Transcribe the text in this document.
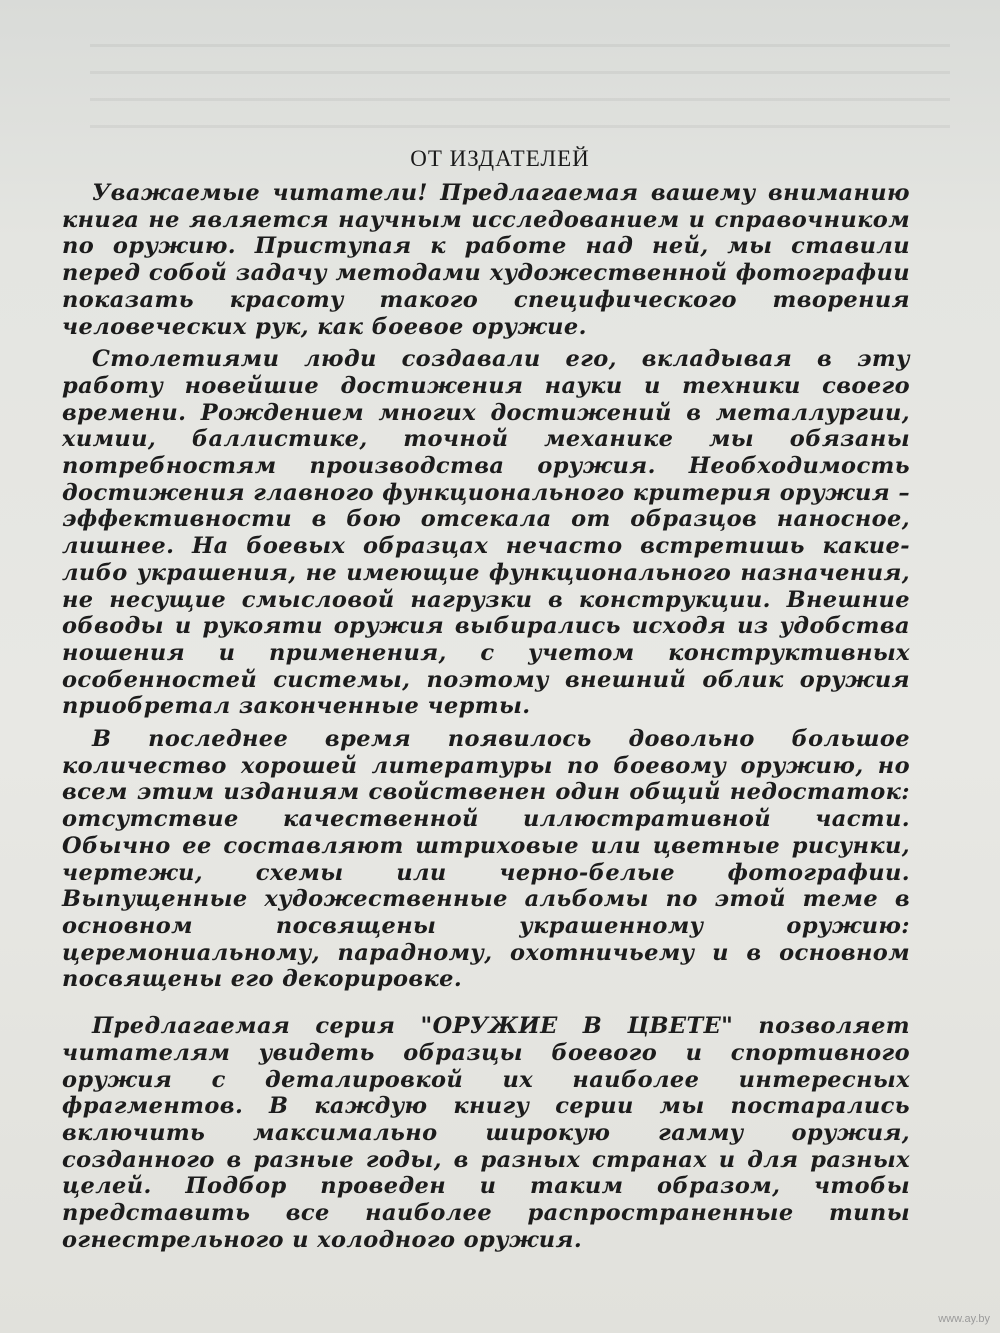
ОТ ИЗДАТЕЛЕЙ

Уважаемые читатели! Предлагаемая вашему вниманию книга не является научным исследованием и справочником по оружию. Приступая к работе над ней, мы ставили перед собой задачу методами художественной фотографии показать красоту такого специфического творения человеческих рук, как боевое оружие.

Столетиями люди создавали его, вкладывая в эту работу новейшие достижения науки и техники своего времени. Рождением многих достижений в металлургии, химии, баллистике, точной механике мы обязаны потребностям производства оружия. Необходимость достижения главного функционального критерия оружия – эффективности в бою отсекала от образцов наносное, лишнее. На боевых образцах нечасто встретишь какие-либо украшения, не имеющие функционального назначения, не несущие смысловой нагрузки в конструкции. Внешние обводы и рукояти оружия выбирались исходя из удобства ношения и применения, с учетом конструктивных особенностей системы, поэтому внешний облик оружия приобретал законченные черты.

В последнее время появилось довольно большое количество хорошей литературы по боевому оружию, но всем этим изданиям свойственен один общий недостаток: отсутствие качественной иллюстративной части. Обычно ее составляют штриховые или цветные рисунки, чертежи, схемы или черно-белые фотографии. Выпущенные художественные альбомы по этой теме в основном посвящены украшенному оружию: церемониальному, парадному, охотничьему и в основном посвящены его декорировке.

Предлагаемая серия "ОРУЖИЕ В ЦВЕТЕ" позволяет читателям увидеть образцы боевого и спортивного оружия с деталировкой их наиболее интересных фрагментов. В каждую книгу серии мы постарались включить максимально широкую гамму оружия, созданного в разные годы, в разных странах и для разных целей. Подбор проведен и таким образом, чтобы представить все наиболее распространенные типы огнестрельного и холодного оружия.

www.ay.by
